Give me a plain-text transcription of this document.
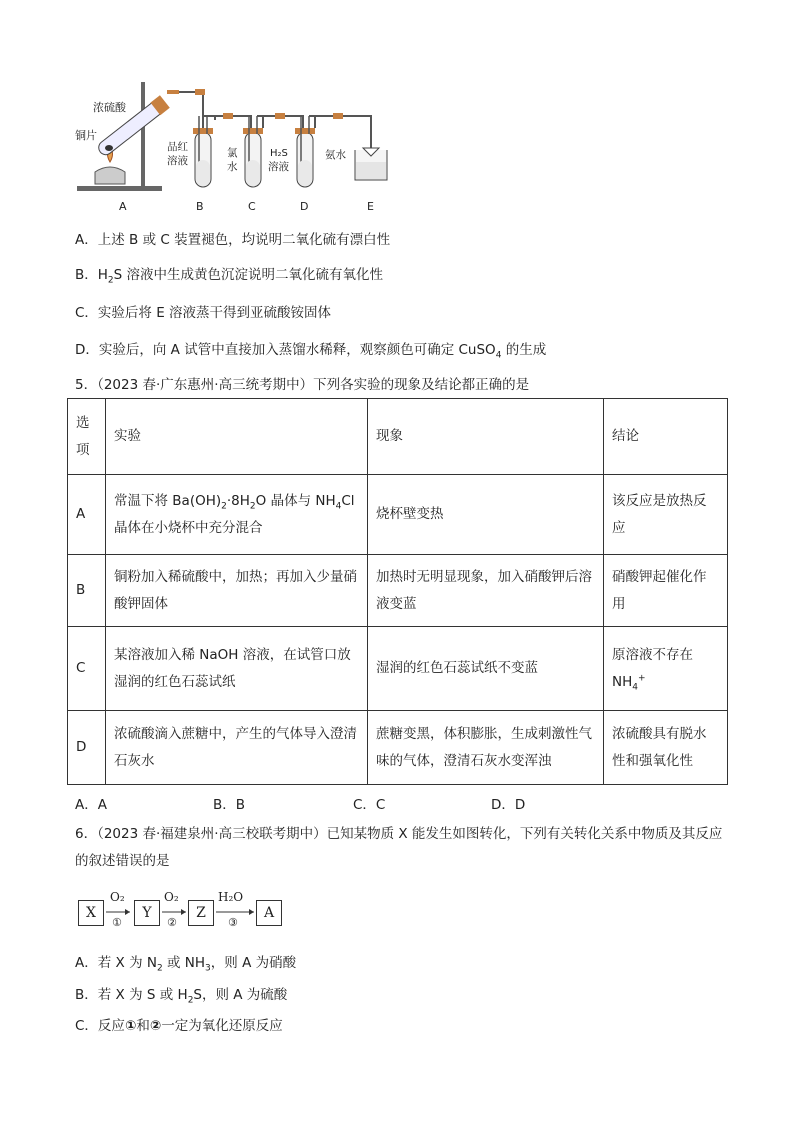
浓硫酸
铜片
品红
溶液
氯
水
H₂S
溶液
氨水
A	B	C	D	E
A．上述 B 或 C 装置褪色，均说明二氧化硫有漂白性
B．$H_2S$ 溶液中生成黄色沉淀说明二氧化硫有氧化性
C．实验后将 E 溶液蒸干得到亚硫酸铵固体
D．实验后，向 A 试管中直接加入蒸馏水稀释，观察颜色可确定 CuSO$_4$ 的生成
5．（2023 春·广东惠州·高三统考期中）下列各实验的现象及结论都正确的是
选
项	实验	现象	结论
A	常温下将 $Ba(OH)_2\cdot 8H_2O$ 晶体与 $NH_4Cl$
晶体在小烧杯中充分混合	烧杯壁变热	该反应是放热反应
B	铜粉加入稀硫酸中，加热；再加入少量硝酸钾固体	加热时无明显现象，加入硝酸钾后溶液变蓝	硝酸钾起催化作用
C	某溶液加入稀 NaOH 溶液，在试管口放湿润的红色石蕊试纸	湿润的红色石蕊试纸不变蓝	原溶液不存在
$NH_4^+$
D	浓硫酸滴入蔗糖中，产生的气体导入澄清石灰水	蔗糖变黑，体积膨胀，生成刺激性气味的气体，澄清石灰水变浑浊	浓硫酸具有脱水性和强氧化性
A．A	B．B	C．C	D．D
6．（2023 春·福建泉州·高三校联考期中）已知某物质 X 能发生如图转化，下列有关转化关系中物质及其反应的叙述错误的是
X
O₂
①
Y
O₂
②
Z
H₂O
③
A
A．若 X 为 $N_2$ 或 $NH_3$，则 A 为硝酸
B．若 X 为 S 或 $H_2S$，则 A 为硫酸
C．反应①和②一定为氧化还原反应
